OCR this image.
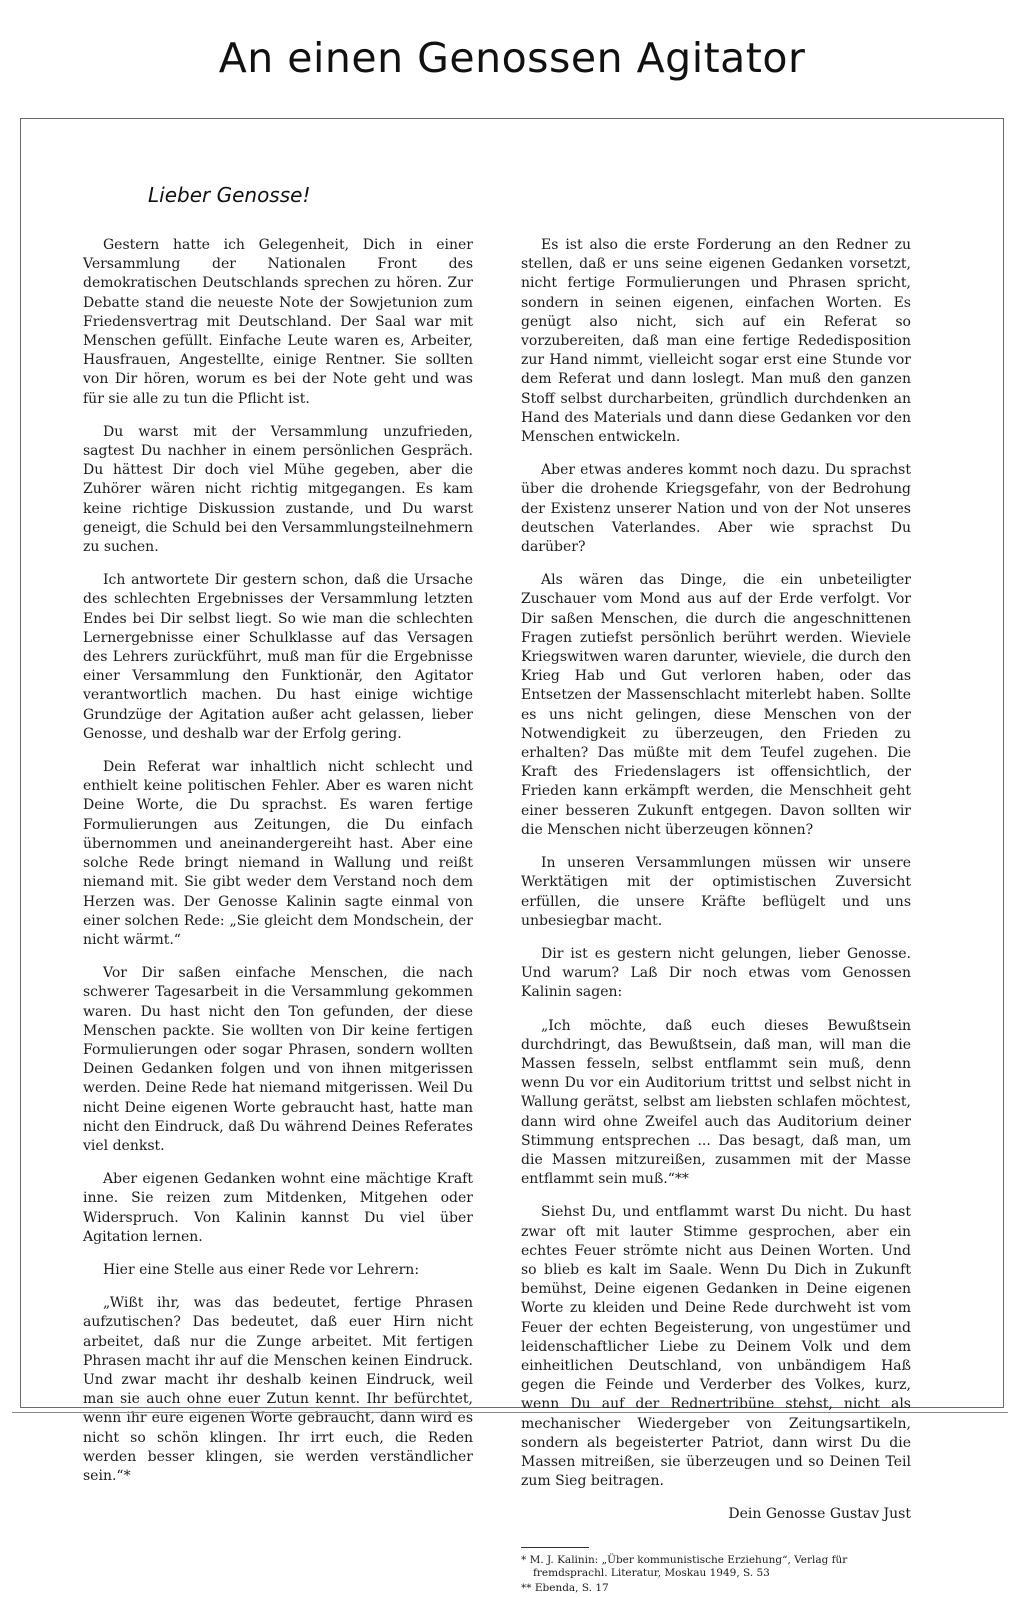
An einen Genossen Agitator
Lieber Genosse!

Gestern hatte ich Gelegenheit, Dich in einer Versammlung der Nationalen Front des demokratischen Deutschlands sprechen zu hören. Zur Debatte stand die neueste Note der Sowjetunion zum Friedensvertrag mit Deutschland. Der Saal war mit Menschen gefüllt. Einfache Leute waren es, Arbeiter, Hausfrauen, Angestellte, einige Rentner. Sie sollten von Dir hören, worum es bei der Note geht und was für sie alle zu tun die Pflicht ist.

Du warst mit der Versammlung unzufrieden, sagtest Du nachher in einem persönlichen Gespräch. Du hättest Dir doch viel Mühe gegeben, aber die Zuhörer wären nicht richtig mitgegangen. Es kam keine richtige Diskussion zustande, und Du warst geneigt, die Schuld bei den Versammlungsteilnehmern zu suchen.

Ich antwortete Dir gestern schon, daß die Ursache des schlechten Ergebnisses der Versammlung letzten Endes bei Dir selbst liegt. So wie man die schlechten Lernergebnisse einer Schulklasse auf das Versagen des Lehrers zurückführt, muß man für die Ergebnisse einer Versammlung den Funktionär, den Agitator verantwortlich machen. Du hast einige wichtige Grundzüge der Agitation außer acht gelassen, lieber Genosse, und deshalb war der Erfolg gering.

Dein Referat war inhaltlich nicht schlecht und enthielt keine politischen Fehler. Aber es waren nicht Deine Worte, die Du sprachst. Es waren fertige Formulierungen aus Zeitungen, die Du einfach übernommen und aneinandergereiht hast. Aber eine solche Rede bringt niemand in Wallung und reißt niemand mit. Sie gibt weder dem Verstand noch dem Herzen was. Der Genosse Kalinin sagte einmal von einer solchen Rede: „Sie gleicht dem Mondschein, der nicht wärmt.“

Vor Dir saßen einfache Menschen, die nach schwerer Tagesarbeit in die Versammlung gekommen waren. Du hast nicht den Ton gefunden, der diese Menschen packte. Sie wollten von Dir keine fertigen Formulierungen oder sogar Phrasen, sondern wollten Deinen Gedanken folgen und von ihnen mitgerissen werden. Deine Rede hat niemand mitgerissen. Weil Du nicht Deine eigenen Worte gebraucht hast, hatte man nicht den Eindruck, daß Du während Deines Referates viel denkst.

Aber eigenen Gedanken wohnt eine mächtige Kraft inne. Sie reizen zum Mitdenken, Mitgehen oder Widerspruch. Von Kalinin kannst Du viel über Agitation lernen.

Hier eine Stelle aus einer Rede vor Lehrern:

„Wißt ihr, was das bedeutet, fertige Phrasen aufzutischen? Das bedeutet, daß euer Hirn nicht arbeitet, daß nur die Zunge arbeitet. Mit fertigen Phrasen macht ihr auf die Menschen keinen Eindruck. Und zwar macht ihr deshalb keinen Eindruck, weil man sie auch ohne euer Zutun kennt. Ihr befürchtet, wenn ihr eure eigenen Worte gebraucht, dann wird es nicht so schön klingen. Ihr irrt euch, die Reden werden besser klingen, sie werden verständlicher sein.“*

Es ist also die erste Forderung an den Redner zu stellen, daß er uns seine eigenen Gedanken vorsetzt, nicht fertige Formulierungen und Phrasen spricht, sondern in seinen eigenen, einfachen Worten. Es genügt also nicht, sich auf ein Referat so vorzubereiten, daß man eine fertige Rededisposition zur Hand nimmt, vielleicht sogar erst eine Stunde vor dem Referat und dann loslegt. Man muß den ganzen Stoff selbst durcharbeiten, gründlich durchdenken an Hand des Materials und dann diese Gedanken vor den Menschen entwickeln.

Aber etwas anderes kommt noch dazu. Du sprachst über die drohende Kriegsgefahr, von der Bedrohung der Existenz unserer Nation und von der Not unseres deutschen Vaterlandes. Aber wie sprachst Du darüber?

Als wären das Dinge, die ein unbeteiligter Zuschauer vom Mond aus auf der Erde verfolgt. Vor Dir saßen Menschen, die durch die angeschnittenen Fragen zutiefst persönlich berührt werden. Wieviele Kriegswitwen waren darunter, wieviele, die durch den Krieg Hab und Gut verloren haben, oder das Entsetzen der Massenschlacht miterlebt haben. Sollte es uns nicht gelingen, diese Menschen von der Notwendigkeit zu überzeugen, den Frieden zu erhalten? Das müßte mit dem Teufel zugehen. Die Kraft des Friedenslagers ist offensichtlich, der Frieden kann erkämpft werden, die Menschheit geht einer besseren Zukunft entgegen. Davon sollten wir die Menschen nicht überzeugen können?

In unseren Versammlungen müssen wir unsere Werktätigen mit der optimistischen Zuversicht erfüllen, die unsere Kräfte beflügelt und uns unbesiegbar macht.

Dir ist es gestern nicht gelungen, lieber Genosse. Und warum? Laß Dir noch etwas vom Genossen Kalinin sagen:

„Ich möchte, daß euch dieses Bewußtsein durchdringt, das Bewußtsein, daß man, will man die Massen fesseln, selbst entflammt sein muß, denn wenn Du vor ein Auditorium trittst und selbst nicht in Wallung gerätst, selbst am liebsten schlafen möchtest, dann wird ohne Zweifel auch das Auditorium deiner Stimmung entsprechen ... Das besagt, daß man, um die Massen mitzureißen, zusammen mit der Masse entflammt sein muß.“**

Siehst Du, und entflammt warst Du nicht. Du hast zwar oft mit lauter Stimme gesprochen, aber ein echtes Feuer strömte nicht aus Deinen Worten. Und so blieb es kalt im Saale. Wenn Du Dich in Zukunft bemühst, Deine eigenen Gedanken in Deine eigenen Worte zu kleiden und Deine Rede durchweht ist vom Feuer der echten Begeisterung, von ungestümer und leidenschaftlicher Liebe zu Deinem Volk und dem einheitlichen Deutschland, von unbändigem Haß gegen die Feinde und Verderber des Volkes, kurz, wenn Du auf der Rednertribüne stehst, nicht als mechanischer Wiedergeber von Zeitungsartikeln, sondern als begeisterter Patriot, dann wirst Du die Massen mitreißen, sie überzeugen und so Deinen Teil zum Sieg beitragen.

Dein Genosse Gustav Just
* M. J. Kalinin: „Über kommunistische Erziehung“, Verlag für fremdsprachl. Literatur, Moskau 1949, S. 53
** Ebenda, S. 17
